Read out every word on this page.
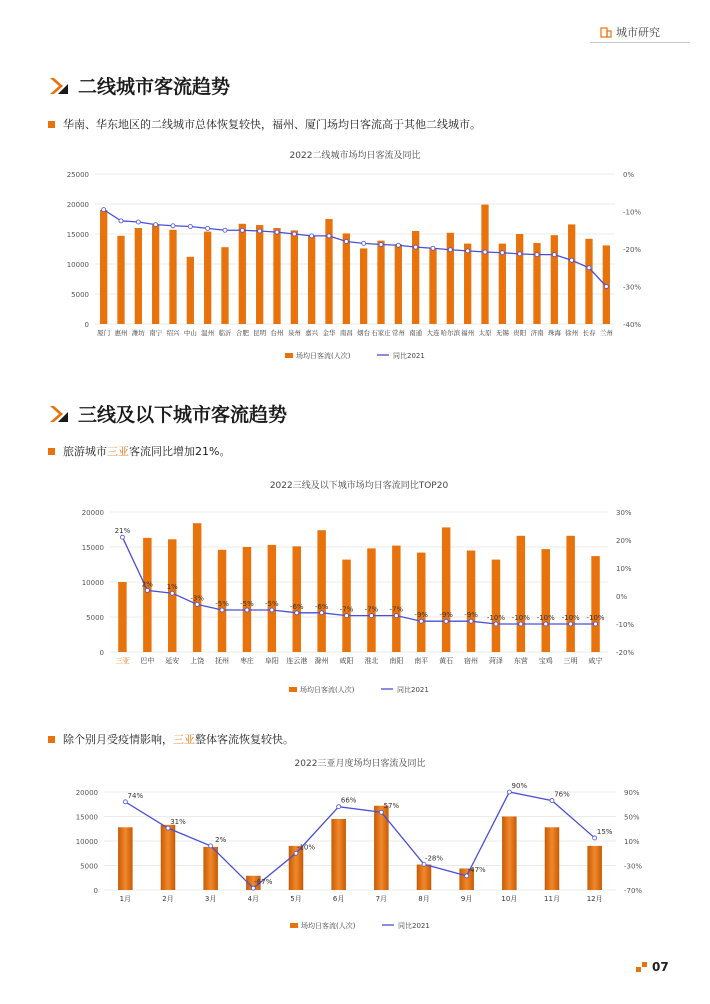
城市研究
二线城市客流趋势
华南、华东地区的二线城市总体恢复较快，福州、厦门场均日客流高于其他二线城市。
2022二线城市场均日客流及同比
0
5000
10000
15000
20000
25000	0%
-10%
-20%
-30%
-40%
厦门 惠州 潍坊 南宁 绍兴 中山 温州 临沂 合肥 昆明 台州 泉州 嘉兴 金华 南昌 烟台 石家庄 常州 南通 大连 哈尔滨 福州 太原 无锡 贵阳 济南 珠海 徐州 长春 兰州
场均日客流(人次)	同比2021
三线及以下城市客流趋势
旅游城市三亚客流同比增加21%。
2022三线及以下城市场均日客流同比TOP20
0
5000
10000
15000
20000
-20%
-10%
0%
10%
20%
30%
三亚 巴中 延安 上饶 抚州 枣庄 阜阳 连云港 滁州 咸阳 淮北 南阳 南平 黄石 宿州 菏泽 东营 宝鸡 三明 咸宁
21%
2% 1%
-3%
-5% -5% -5% -6% -6% -7% -7% -7%
-9% -9% -9% -10% -10% -10% -10% -10%
场均日客流(人次)	同比2021
除个别月受疫情影响，三亚整体客流恢复较快。
2022三亚月度场均日客流及同比
0
5000
10000
15000
20000
-70%
-30%
10%
50%
90%
1月	2月	3月	4月	5月	6月	7月	8月	9月	10月	11月	12月
74%
31%
2%
-67%
-10%
66%
57%
-28%
-47%
90%
76%
15%
场均日客流(人次)	同比2021
07
